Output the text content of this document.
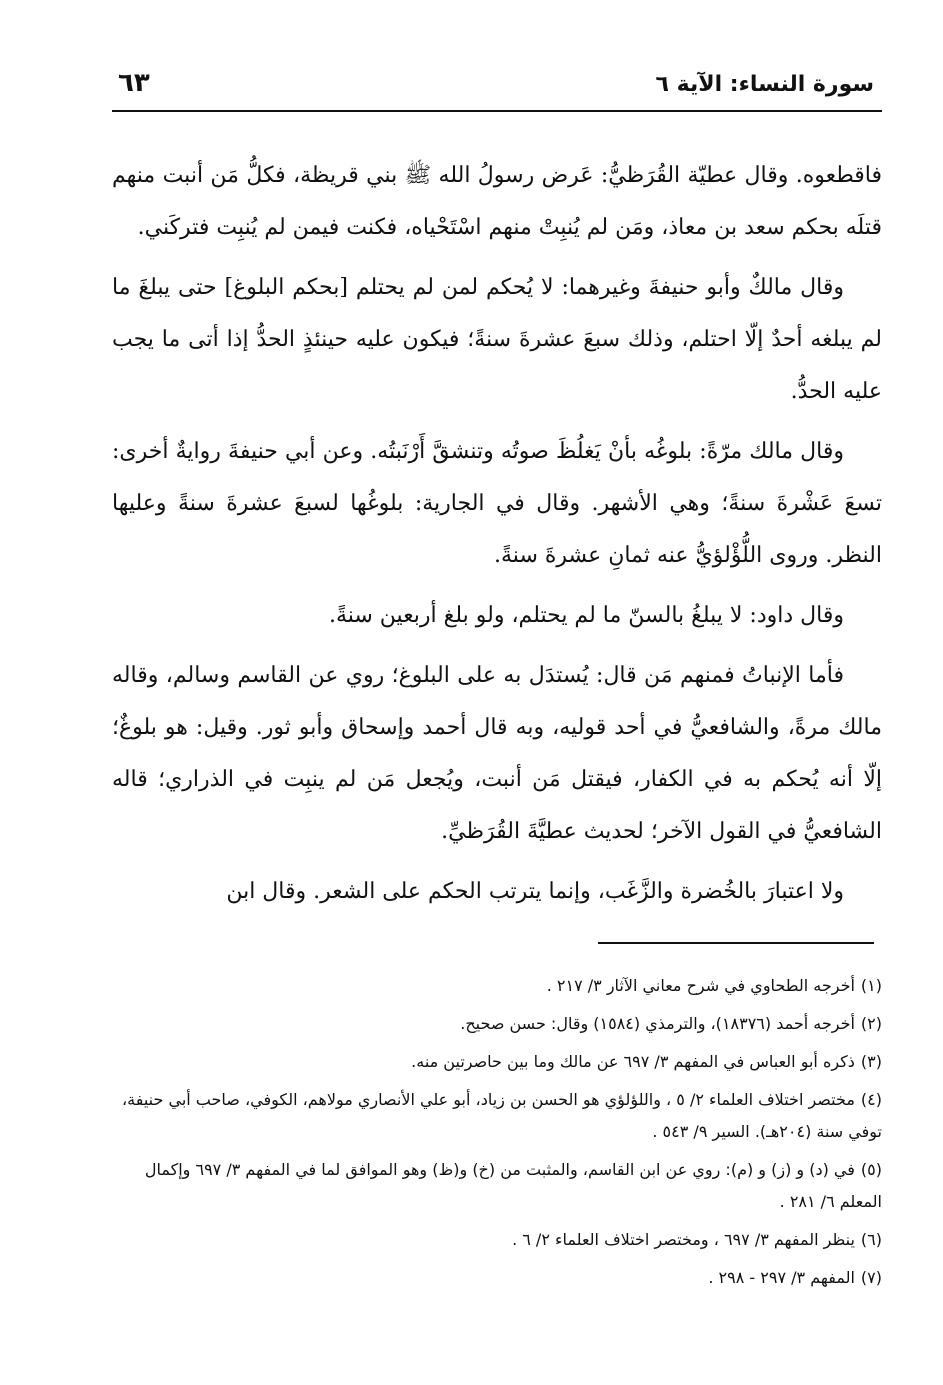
سورة النساء: الآية ٦
٦٣

فاقطعوه. وقال عطيّة القُرَظيُّ: عَرض رسولُ الله ﷺ بني قريظة، فكلُّ مَن أنبت منهم قتلَه بحكم سعد بن معاذ، ومَن لم يُنبِتْ منهم اسْتَحْياه، فكنت فيمن لم يُنبِت فتركَني.

وقال مالكٌ وأبو حنيفةَ وغيرهما: لا يُحكم لمن لم يحتلم [بحكم البلوغ] حتى يبلغَ ما لم يبلغه أحدٌ إلّا احتلم، وذلك سبعَ عشرةَ سنةً؛ فيكون عليه حينئذٍ الحدُّ إذا أتى ما يجب عليه الحدُّ.

وقال مالك مرّةً: بلوغُه بأنْ يَغلُظَ صوتُه وتنشقَّ أَرْنَبتُه. وعن أبي حنيفةَ روايةٌ أخرى: تسعَ عَشْرةَ سنةً؛ وهي الأشهر. وقال في الجارية: بلوغُها لسبعَ عشرةَ سنةً وعليها النظر. وروى اللُّؤْلؤيُّ عنه ثمانِ عشرةَ سنةً.

وقال داود: لا يبلغُ بالسنّ ما لم يحتلم، ولو بلغ أربعين سنةً.

فأما الإنباتُ فمنهم مَن قال: يُستدَل به على البلوغ؛ روي عن القاسم وسالم، وقاله مالك مرةً، والشافعيُّ في أحد قوليه، وبه قال أحمد وإسحاق وأبو ثور. وقيل: هو بلوغٌ؛ إلّا أنه يُحكم به في الكفار، فيقتل مَن أنبت، ويُجعل مَن لم ينبِت في الذراري؛ قاله الشافعيُّ في القول الآخر؛ لحديث عطيَّةَ القُرَظيِّ.

ولا اعتبارَ بالخُضرة والزَّغَب، وإنما يترتب الحكم على الشعر. وقال ابن

(١)أخرجه الطحاوي في شرح معاني الآثار ٣/ ٢١٧ .

(٢)أخرجه أحمد (١٨٣٧٦)، والترمذي (١٥٨٤) وقال: حسن صحيح.

(٣)ذكره أبو العباس في المفهم ٣/ ٦٩٧ عن مالك وما بين حاصرتين منه.

(٤)مختصر اختلاف العلماء ٢/ ٥ ، واللؤلؤي هو الحسن بن زياد، أبو علي الأنصاري مولاهم، الكوفي، صاحب أبي حنيفة، توفي سنة (٢٠٤هـ). السير ٩/ ٥٤٣ .

(٥)في (د) و (ز) و (م): روي عن ابن القاسم، والمثبت من (خ) و(ظ) وهو الموافق لما في المفهم ٣/ ٦٩٧ وإكمال المعلم ٦/ ٢٨١ .

(٦)ينظر المفهم ٣/ ٦٩٧ ، ومختصر اختلاف العلماء ٢/ ٦ .

(٧)المفهم ٣/ ٢٩٧ - ٢٩٨ .
